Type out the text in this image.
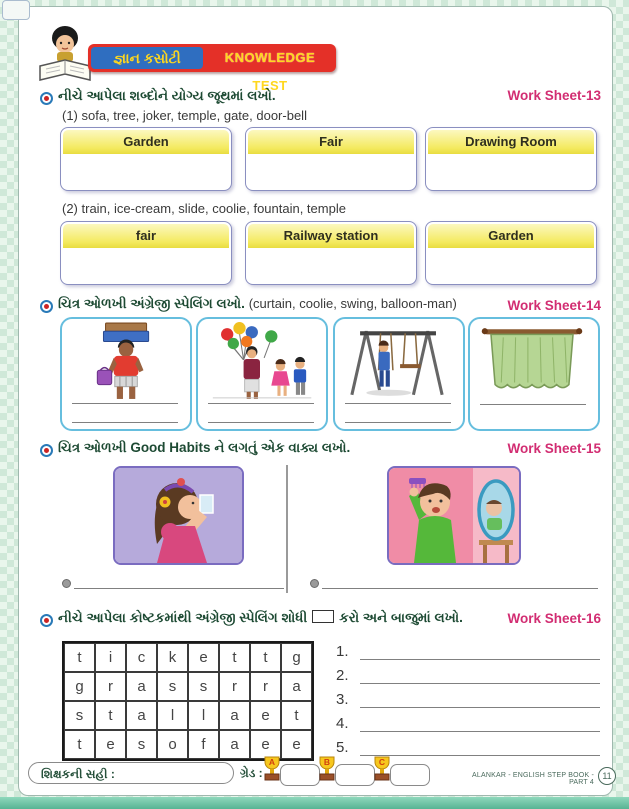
જ્ઞાન કસોટી	KNOWLEDGE TEST
નીચે આપેલા શબ્દોને યોગ્ય જૂથમાં લખો.	Work Sheet-13
(1) sofa, tree, joker, temple, gate, door-bell
Garden	Fair	Drawing Room
(2) train, ice-cream, slide, coolie, fountain, temple
fair	Railway station	Garden
ચિત્ર ઓળખી અંગ્રેજી સ્પેલિંગ લખો. (curtain, coolie, swing, balloon-man)	Work Sheet-14
ચિત્ર ઓળખી Good Habits ને લગતું એક વાક્ય લખો.	Work Sheet-15
નીચે આપેલા કોષ્ટકમાંથી અંગ્રેજી સ્પેલિંગ શોધી કરો અને બાજુમાં લખો.	Work Sheet-16
t	i	c	k	e	t	t	g
g	r	a	s	s	r	r	a
s	t	a	l	l	a	e	t
t	e	s	o	f	a	e	e
1.
2.
3.
4.
5.
શિક્ષકની સહી :	ગ્રેડ :
A	B	C
ALANKAR - ENGLISH STEP BOOK - PART 4
11
